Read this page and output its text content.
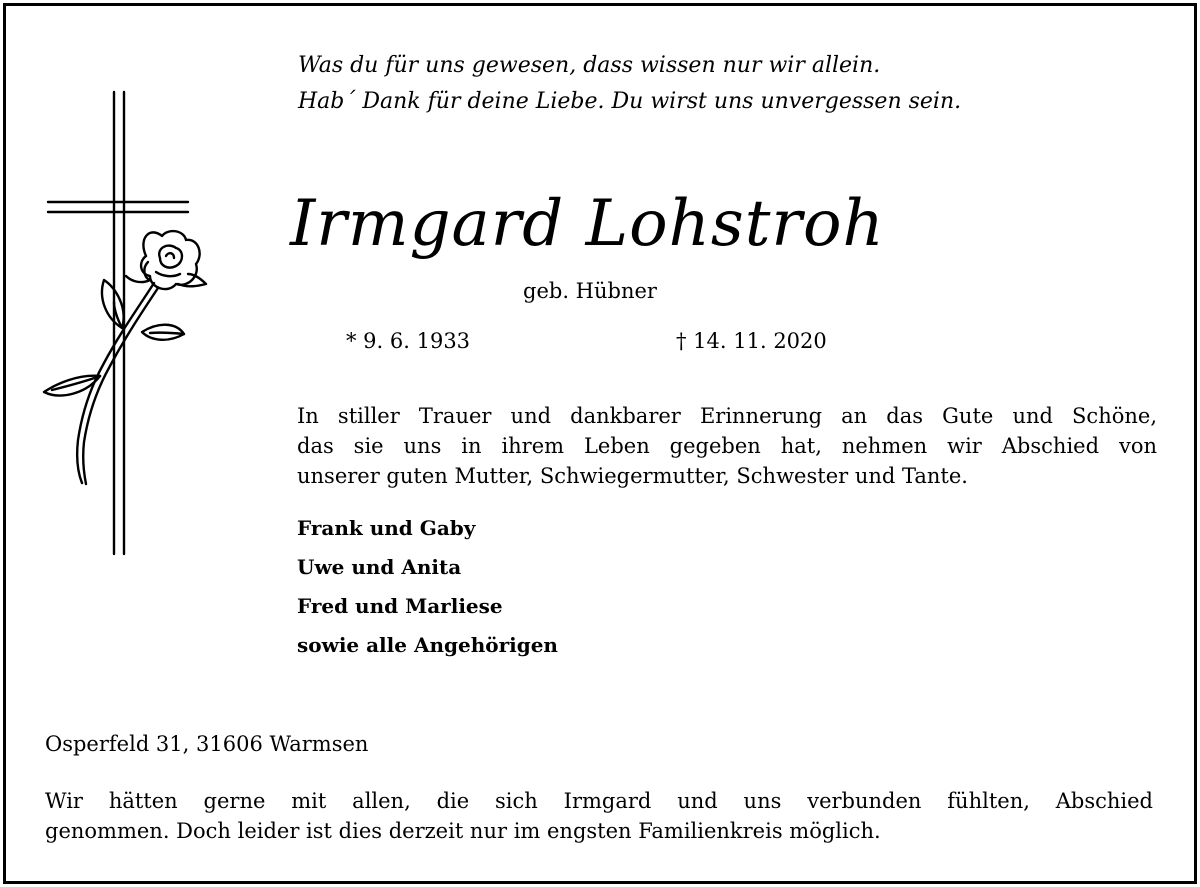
Was du für uns gewesen, dass wissen nur wir allein.
Hab´ Dank für deine Liebe. Du wirst uns unvergessen sein.
Irmgard Lohstroh
geb. Hübner
* 9. 6. 1933	† 14. 11. 2020
In stiller Trauer und dankbarer Erinnerung an das Gute und Schöne,
das sie uns in ihrem Leben gegeben hat, nehmen wir Abschied von
unserer guten Mutter, Schwiegermutter, Schwester und Tante.
Frank und Gaby
Uwe und Anita
Fred und Marliese
sowie alle Angehörigen
Osperfeld 31, 31606 Warmsen
Wir hätten gerne mit allen, die sich Irmgard und uns verbunden fühlten, Abschied
genommen. Doch leider ist dies derzeit nur im engsten Familienkreis möglich.
